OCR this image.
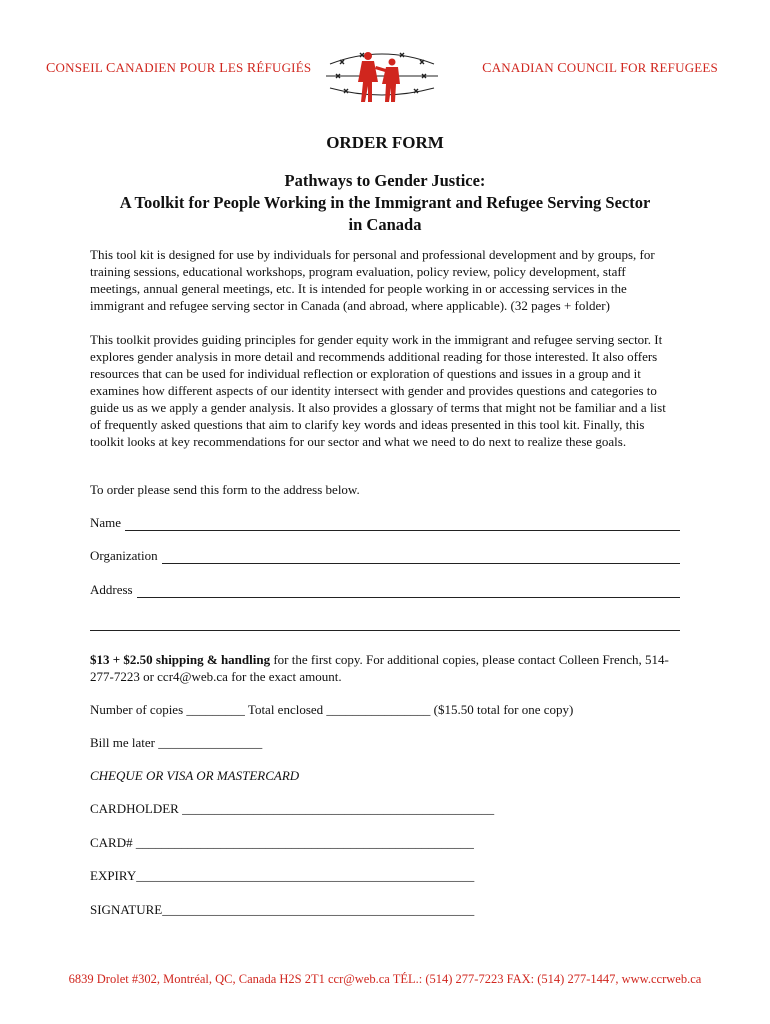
CONSEIL CANADIEN POUR LES RÉFUGIÉS	CANADIAN COUNCIL FOR REFUGEES
ORDER FORM
Pathways to Gender Justice:
A Toolkit for People Working in the Immigrant and Refugee Serving Sector
in Canada

This tool kit is designed for use by individuals for personal and professional development and by groups, for training sessions, educational workshops, program evaluation, policy review, policy development, staff meetings, annual general meetings, etc. It is intended for people working in or accessing services in the immigrant and refugee serving sector in Canada (and abroad, where applicable). (32 pages + folder)

This toolkit provides guiding principles for gender equity work in the immigrant and refugee serving sector. It explores gender analysis in more detail and recommends additional reading for those interested. It also offers resources that can be used for individual reflection or exploration of questions and issues in a group and it examines how different aspects of our identity intersect with gender and provides questions and categories to guide us as we apply a gender analysis. It also provides a glossary of terms that might not be familiar and a list of frequently asked questions that aim to clarify key words and ideas presented in this tool kit. Finally, this toolkit looks at key recommendations for our sector and what we need to do next to realize these goals.

To order please send this form to the address below.

Name
Organization
Address
$13 + $2.50 shipping & handling for the first copy. For additional copies, please contact Colleen French, 514-277-7223 or ccr4@web.ca for the exact amount.
Number of copies _________ Total enclosed ________________ ($15.50 total for one copy)
Bill me later ________________
CHEQUE OR VISA OR MASTERCARD
CARDHOLDER ________________________________________________
CARD# ____________________________________________________
EXPIRY____________________________________________________
SIGNATURE________________________________________________
6839 Drolet #302, Montréal, QC, Canada H2S 2T1 ccr@web.ca TÉL.: (514) 277-7223 FAX: (514) 277-1447, www.ccrweb.ca
